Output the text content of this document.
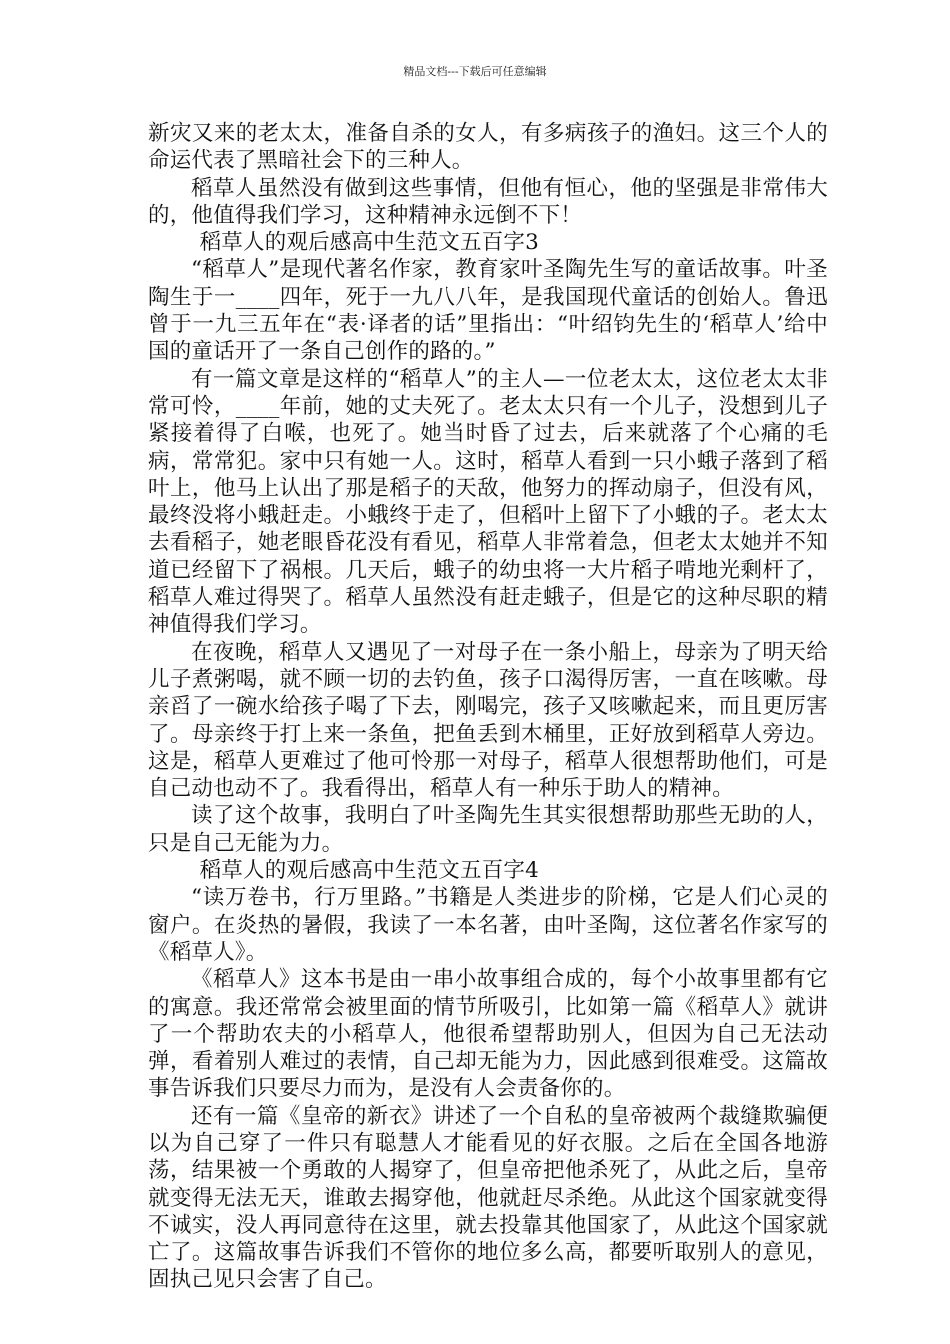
精品文档---下载后可任意编辑

新灾又来的老太太，准备自杀的女人，有多病孩子的渔妇。这三个人的命运代表了黑暗社会下的三种人。

稻草人虽然没有做到这些事情，但他有恒心，他的坚强是非常伟大的，他值得我们学习，这种精神永远倒不下！

稻草人的观后感高中生范文五百字3

“稻草人”是现代著名作家，教育家叶圣陶先生写的童话故事。叶圣陶生于一____四年，死于一九八八年，是我国现代童话的创始人。鲁迅曾于一九三五年在“表·译者的话”里指出：“叶绍钧先生的‘稻草人’给中国的童话开了一条自己创作的路的。”

有一篇文章是这样的“稻草人”的主人—一位老太太，这位老太太非常可怜，____年前，她的丈夫死了。老太太只有一个儿子，没想到儿子紧接着得了白喉，也死了。她当时昏了过去，后来就落了个心痛的毛病，常常犯。家中只有她一人。这时，稻草人看到一只小蛾子落到了稻叶上，他马上认出了那是稻子的天敌，他努力的挥动扇子，但没有风，最终没将小蛾赶走。小蛾终于走了，但稻叶上留下了小蛾的子。老太太去看稻子，她老眼昏花没有看见，稻草人非常着急，但老太太她并不知道已经留下了祸根。几天后，蛾子的幼虫将一大片稻子啃地光剩杆了，稻草人难过得哭了。稻草人虽然没有赶走蛾子，但是它的这种尽职的精神值得我们学习。

在夜晚，稻草人又遇见了一对母子在一条小船上，母亲为了明天给儿子煮粥喝，就不顾一切的去钓鱼，孩子口渴得厉害，一直在咳嗽。母亲舀了一碗水给孩子喝了下去，刚喝完，孩子又咳嗽起来，而且更厉害了。母亲终于打上来一条鱼，把鱼丢到木桶里，正好放到稻草人旁边。这是，稻草人更难过了他可怜那一对母子，稻草人很想帮助他们，可是自己动也动不了。我看得出，稻草人有一种乐于助人的精神。

读了这个故事，我明白了叶圣陶先生其实很想帮助那些无助的人，只是自己无能为力。

稻草人的观后感高中生范文五百字4

“读万卷书，行万里路。”书籍是人类进步的阶梯，它是人们心灵的窗户。在炎热的暑假，我读了一本名著，由叶圣陶，这位著名作家写的《稻草人》。

《稻草人》这本书是由一串小故事组合成的，每个小故事里都有它的寓意。我还常常会被里面的情节所吸引，比如第一篇《稻草人》就讲了一个帮助农夫的小稻草人，他很希望帮助别人，但因为自己无法动弹，看着别人难过的表情，自己却无能为力，因此感到很难受。这篇故事告诉我们只要尽力而为，是没有人会责备你的。

还有一篇《皇帝的新衣》讲述了一个自私的皇帝被两个裁缝欺骗便以为自己穿了一件只有聪慧人才能看见的好衣服。之后在全国各地游荡，结果被一个勇敢的人揭穿了，但皇帝把他杀死了，从此之后，皇帝就变得无法无天，谁敢去揭穿他，他就赶尽杀绝。从此这个国家就变得不诚实，没人再同意待在这里，就去投靠其他国家了，从此这个国家就亡了。这篇故事告诉我们不管你的地位多么高，都要听取别人的意见，固执己见只会害了自己。
